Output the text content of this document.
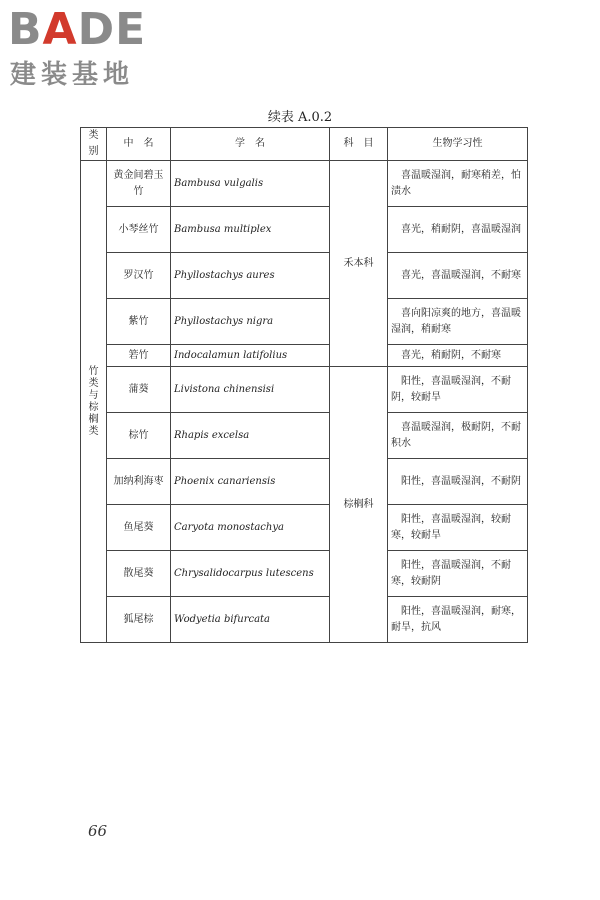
BADE
建装基地
续表 A.0.2
类别	中　名	学　名	科　目	生物学习性

竹类与棕榈类	黄金间碧玉竹	Bambusa vulgalis	禾本科	喜温暖湿润，耐寒稍差，怕渍水
	小琴丝竹	Bambusa multiplex		喜光，稍耐阴，喜温暖湿润
	罗汉竹	Phyllostachys aures		喜光，喜温暖湿润，不耐寒
	紫竹	Phyllostachys nigra		喜向阳凉爽的地方，喜温暖湿润，稍耐寒
	箬竹	Indocalamun latifolius		喜光，稍耐阴，不耐寒
	蒲葵	Livistona chinensisi	棕榈科	阳性，喜温暖湿润，不耐阴，较耐旱
	棕竹	Rhapis excelsa		喜温暖湿润，极耐阴，不耐积水
	加纳利海枣	Phoenix canariensis		阳性，喜温暖湿润，不耐阴
	鱼尾葵	Caryota monostachya		阳性，喜温暖湿润，较耐寒，较耐旱
	散尾葵	Chrysalidocarpus lutescens		阳性，喜温暖湿润，不耐寒，较耐阴
	狐尾棕	Wodyetia bifurcata		阳性，喜温暖湿润，耐寒，耐旱，抗风
66
